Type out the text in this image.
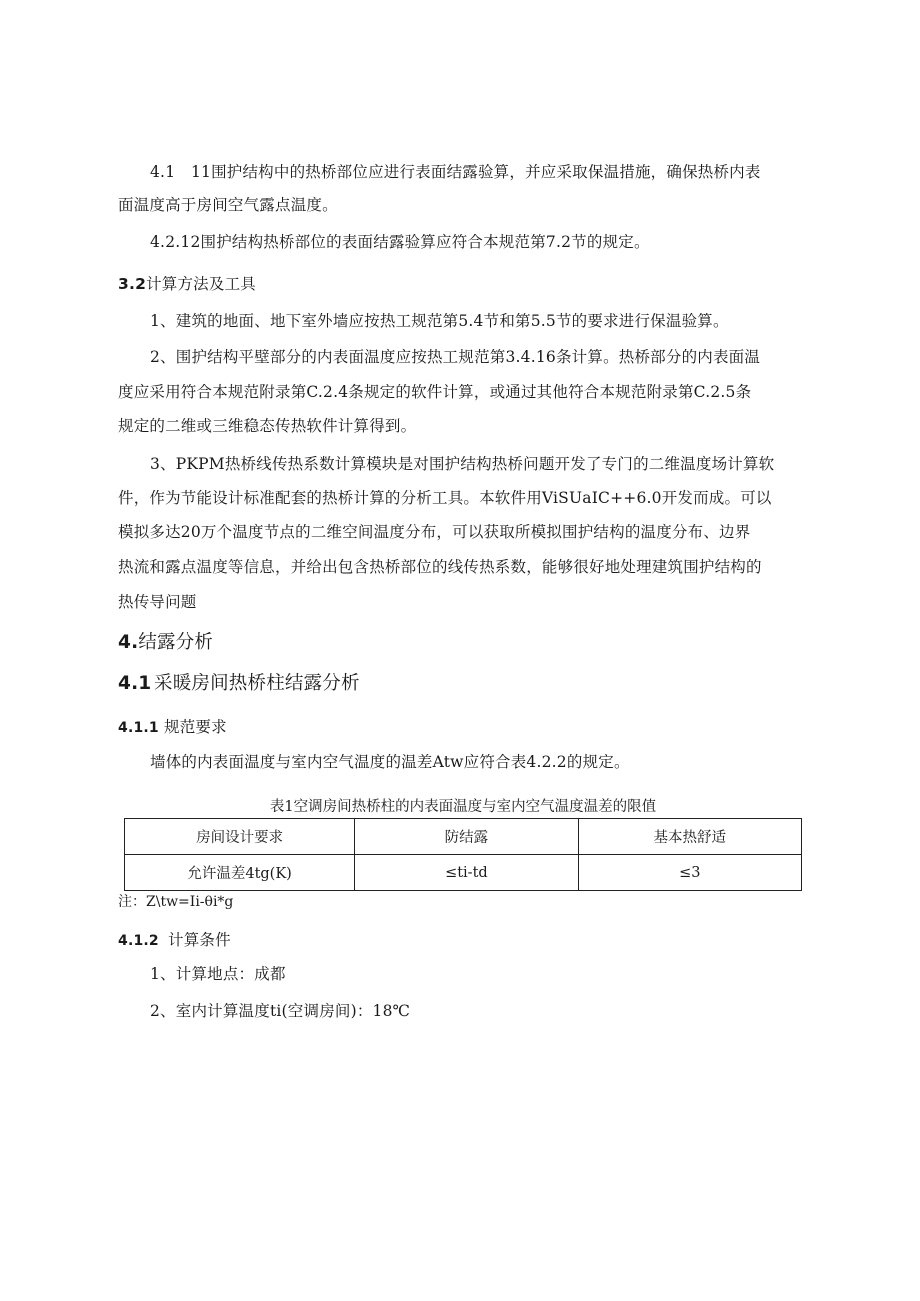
4.1　11围护结构中的热桥部位应进行表面结露验算，并应采取保温措施，确保热桥内表

面温度高于房间空气露点温度。

4.2.12围护结构热桥部位的表面结露验算应符合本规范第7.2节的规定。

3.2计算方法及工具

1、建筑的地面、地下室外墙应按热工规范第5.4节和第5.5节的要求进行保温验算。

2、围护结构平壁部分的内表面温度应按热工规范第3.4.16条计算。热桥部分的内表面温

度应采用符合本规范附录第C.2.4条规定的软件计算，或通过其他符合本规范附录第C.2.5条

规定的二维或三维稳态传热软件计算得到。

3、PKPM热桥线传热系数计算模块是对围护结构热桥问题开发了专门的二维温度场计算软

件，作为节能设计标准配套的热桥计算的分析工具。本软件用ViSUaIC++6.0开发而成。可以

模拟多达20万个温度节点的二维空间温度分布，可以获取所模拟围护结构的温度分布、边界

热流和露点温度等信息，并给出包含热桥部位的线传热系数，能够很好地处理建筑围护结构的

热传导问题

4.结露分析

4.1 采暖房间热桥柱结露分析

4.1.1 规范要求

墙体的内表面温度与室内空气温度的温差Atw应符合表4.2.2的规定。

表1空调房间热桥柱的内表面温度与室内空气温度温差的限值

房间设计要求	防结露	基本热舒适
允许温差4tg(K)	≤ti-td	≤3

注：Z\tw=Ii-θi*g

4.1.2 计算条件

1、计算地点：成都

2、室内计算温度ti(空调房间)：18℃
